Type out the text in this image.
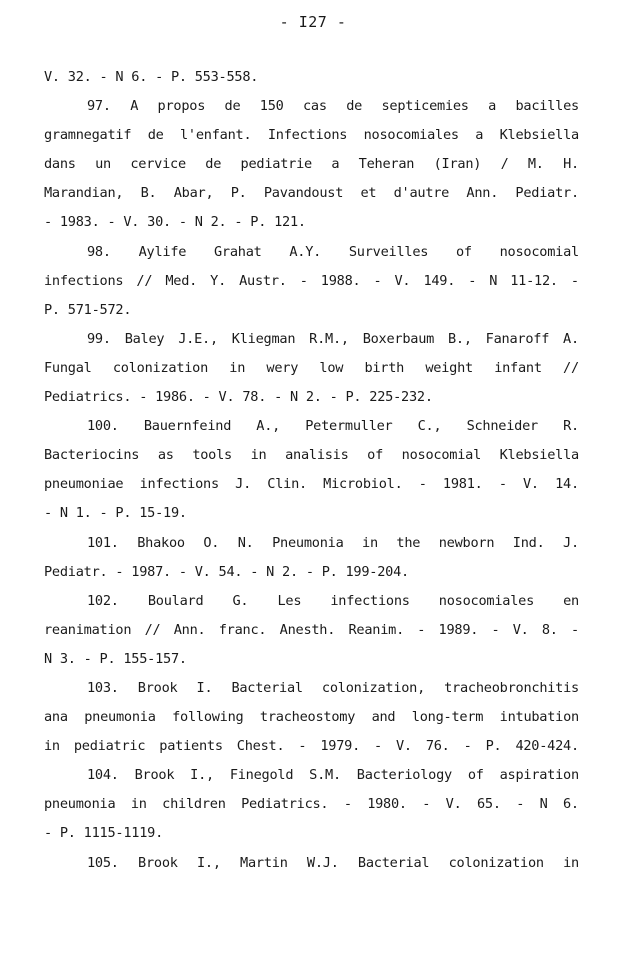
- I27 -
V. 32. - N 6. - P. 553-558.
97. A propos de 150 cas de septicemies a bacilles
gramnegatif de l'enfant. Infections nosocomiales a Klebsiella
dans un cervice de pediatrie a Teheran (Iran) / M. H.
Marandian, B. Abar, P. Pavandoust et d'autre Ann. Pediatr.
- 1983. - V. 30. - N 2. - P. 121.
98. Aylife Grahat A.Y. Surveilles of nosocomial
infections // Med. Y. Austr. - 1988. - V. 149. - N 11-12. -
P. 571-572.
99. Baley J.E., Kliegman R.M., Boxerbaum B., Fanaroff A.
Fungal colonization in wery low birth weight infant //
Pediatrics. - 1986. - V. 78. - N 2. - P. 225-232.
100. Bauernfeind A., Petermuller C., Schneider R.
Bacteriocins as tools in analisis of nosocomial Klebsiella
pneumoniae infections J. Clin. Microbiol. - 1981. - V. 14.
- N 1. - P. 15-19.
101. Bhakoo O. N. Pneumonia in the newborn Ind. J.
Pediatr. - 1987. - V. 54. - N 2. - P. 199-204.
102. Boulard G. Les infections nosocomiales en
reanimation // Ann. franc. Anesth. Reanim. - 1989. - V. 8. -
N 3. - P. 155-157.
103. Brook I. Bacterial colonization, tracheobronchitis
ana pneumonia following tracheostomy and long-term intubation
in pediatric patients Chest. - 1979. - V. 76. - P. 420-424.
104. Brook I., Finegold S.M. Bacteriology of aspiration
pneumonia in children Pediatrics. - 1980. - V. 65. - N 6.
- P. 1115-1119.
105. Brook I., Martin W.J. Bacterial colonization in
